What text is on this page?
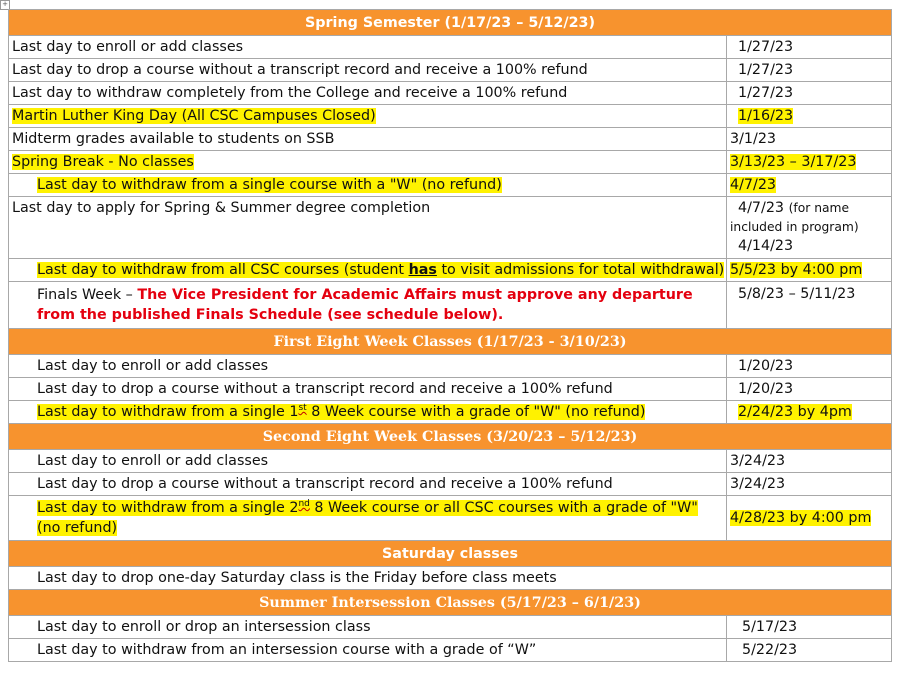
+
Spring Semester (1/17/23 – 5/12/23)	
Last day to enroll or add classes	1/27/23
Last day to drop a course without a transcript record and receive a 100% refund	1/27/23
Last day to withdraw completely from the College and receive a 100% refund	1/27/23
Martin Luther King Day (All CSC Campuses Closed)	1/16/23
Midterm grades available to students on SSB	3/1/23
Spring Break - No classes	3/13/23 – 3/17/23
Last day to withdraw from a single course with a "W" (no refund)	4/7/23
Last day to apply for Spring & Summer degree completion	4/7/23 (for name included in program)
4/14/23
Last day to withdraw from all CSC courses (student has to visit admissions for total withdrawal)	5/5/23 by 4:00 pm
Finals Week – The Vice President for Academic Affairs must approve any departure from the published Finals Schedule (see schedule below).	5/8/23 – 5/11/23
First Eight Week Classes (1/17/23 - 3/10/23)	
Last day to enroll or add classes	1/20/23
Last day to drop a course without a transcript record and receive a 100% refund	1/20/23
Last day to withdraw from a single 1st 8 Week course with a grade of "W" (no refund)	2/24/23 by 4pm
Second Eight Week Classes (3/20/23 – 5/12/23)	
Last day to enroll or add classes	3/24/23
Last day to drop a course without a transcript record and receive a 100% refund	3/24/23
Last day to withdraw from a single 2nd 8 Week course or all CSC courses with a grade of "W"
(no refund)	4/28/23 by 4:00 pm
Saturday classes	
Last day to drop one-day Saturday class is the Friday before class meets	
Summer Intersession Classes (5/17/23 – 6/1/23)	
Last day to enroll or drop an intersession class	5/17/23
Last day to withdraw from an intersession course with a grade of “W”	5/22/23
